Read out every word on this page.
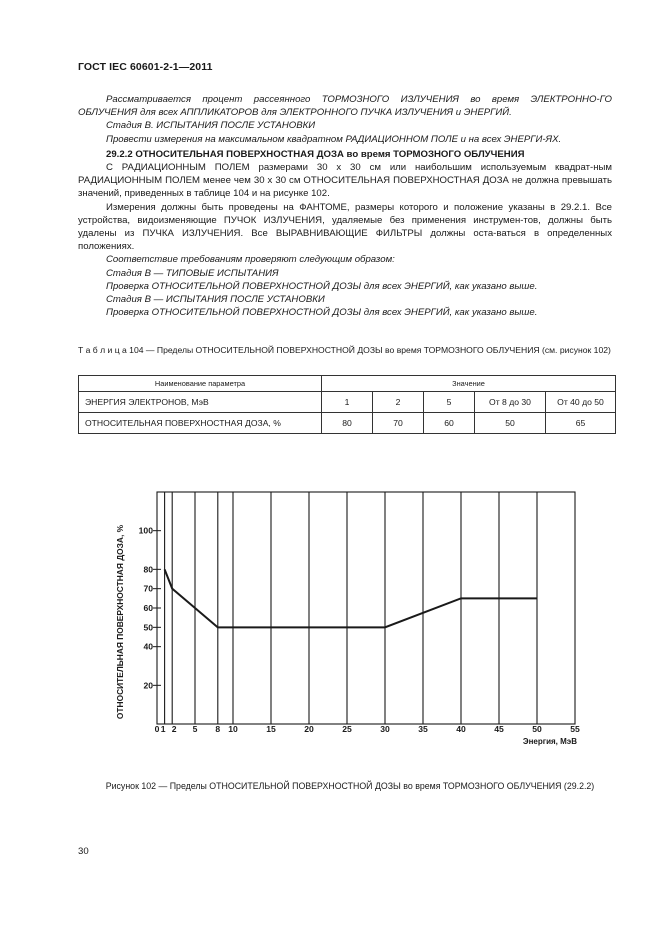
ГОСТ IEC 60601-2-1—2011

Рассматривается процент рассеянного ТОРМОЗНОГО ИЗЛУЧЕНИЯ во время ЭЛЕКТРОННО-ГО ОБЛУЧЕНИЯ для всех АППЛИКАТОРОВ для ЭЛЕКТРОННОГО ПУЧКА ИЗЛУЧЕНИЯ и ЭНЕРГИЙ.

Стадия В. ИСПЫТАНИЯ ПОСЛЕ УСТАНОВКИ

Провести измерения на максимальном квадратном РАДИАЦИОННОМ ПОЛЕ и на всех ЭНЕРГИ-ЯХ.

29.2.2 ОТНОСИТЕЛЬНАЯ ПОВЕРХНОСТНАЯ ДОЗА во время ТОРМОЗНОГО ОБЛУЧЕНИЯ

С РАДИАЦИОННЫМ ПОЛЕМ размерами 30 х 30 см или наибольшим используемым квадрат-ным РАДИАЦИОННЫМ ПОЛЕМ менее чем 30 х 30 см ОТНОСИТЕЛЬНАЯ ПОВЕРХНОСТНАЯ ДОЗА не должна превышать значений, приведенных в таблице 104 и на рисунке 102.

Измерения должны быть проведены на ФАНТОМЕ, размеры которого и положение указаны в 29.2.1. Все устройства, видоизменяющие ПУЧОК ИЗЛУЧЕНИЯ, удаляемые без применения инструмен-тов, должны быть удалены из ПУЧКА ИЗЛУЧЕНИЯ. Все ВЫРАВНИВАЮЩИЕ ФИЛЬТРЫ должны оста-ваться в определенных положениях.

Соответствие требованиям проверяют следующим образом:

Стадия В — ТИПОВЫЕ ИСПЫТАНИЯ

Проверка ОТНОСИТЕЛЬНОЙ ПОВЕРХНОСТНОЙ ДОЗЫ для всех ЭНЕРГИЙ, как указано выше.

Стадия В — ИСПЫТАНИЯ ПОСЛЕ УСТАНОВКИ

Проверка ОТНОСИТЕЛЬНОЙ ПОВЕРХНОСТНОЙ ДОЗЫ для всех ЭНЕРГИЙ, как указано выше.

Т а б л и ц а 104 — Пределы ОТНОСИТЕЛЬНОЙ ПОВЕРХНОСТНОЙ ДОЗЫ во время ТОРМОЗНОГО ОБЛУЧЕНИЯ (см. рисунок 102)
Наименование параметра	Значение				
ЭНЕРГИЯ ЭЛЕКТРОНОВ, МэВ	1	2	5	От 8 до 30	От 40 до 50
ОТНОСИТЕЛЬНАЯ ПОВЕРХНОСТНАЯ ДОЗА, %	80	70	60	50	65
ОТНОСИТЕЛЬНАЯ ПОВЕРХНОСТНАЯ ДОЗА, %
Энергия, МэВ
20
40
50
60
70
80
100
0 1 2 5 8 10	15	20	25	30	35	40	45	50	55
Рисунок 102 — Пределы ОТНОСИТЕЛЬНОЙ ПОВЕРХНОСТНОЙ ДОЗЫ во время ТОРМОЗНОГО ОБЛУЧЕНИЯ (29.2.2)
30
